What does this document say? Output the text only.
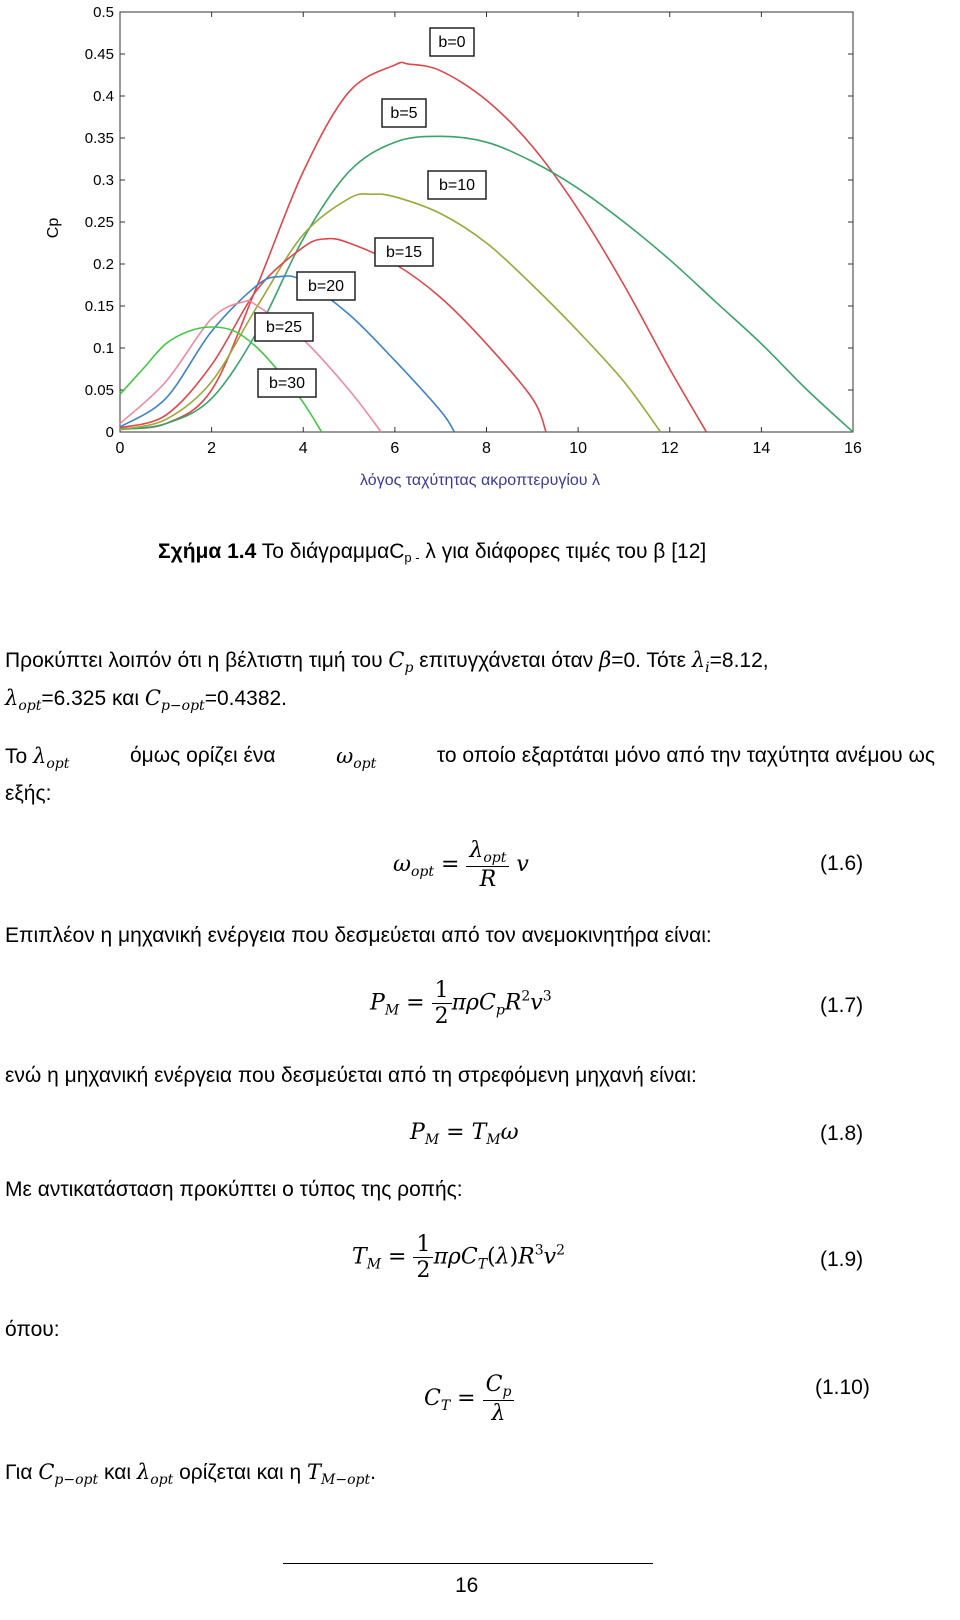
0	2	4	6	8	10	12	14	16
0
0.05
0.1
0.15
0.2
0.25
0.3
0.35
0.4
0.45
0.5
b=0
b=5
b=10
b=15
b=20
b=25
b=30
Cp
λόγος ταχύτητας ακροπτερυγίου λ
Σχήμα 1.4 Το διάγραμμαCp - λ για διάφορες τιμές του β [12]
Προκύπτει λοιπόν ότι η βέλτιστη τιμή του $C_p$ επιτυγχάνεται όταν β=0. Τότε $\lambda_i=8.12$,
$\lambda_{opt}=6.325$ και $C_{p-opt}=0.4382$.
Το $\lambda_{opt}$	όμως ορίζει ένα	$\omega_{opt}$	το οποίο εξαρτάται μόνο από την ταχύτητα ανέμου ως
εξής:
$\omega_{opt} = \frac{\lambda_{opt}}{R}$ v	(1.6)
Επιπλέον η μηχανική ενέργεια που δεσμεύεται από τον ανεμοκινητήρα είναι:
$P_M = \frac{1}{2} \pi\rho C_pR^2v^3$	(1.7)
ενώ η μηχανική ενέργεια που δεσμεύεται από τη στρεφόμενη μηχανή είναι:
$P_M = T_M\omega$	(1.8)
Με αντικατάσταση προκύπτει ο τύπος της ροπής:
$T_M = \frac{1}{2} \pi\rho C_T(\lambda)R^3v^2$	(1.9)
όπου:
$C_T = \frac{C_p}{\lambda}$	(1.10)
Για $C_{p-opt}$ και $\lambda_{opt}$ ορίζεται και η $T_{M-opt}$.
16
